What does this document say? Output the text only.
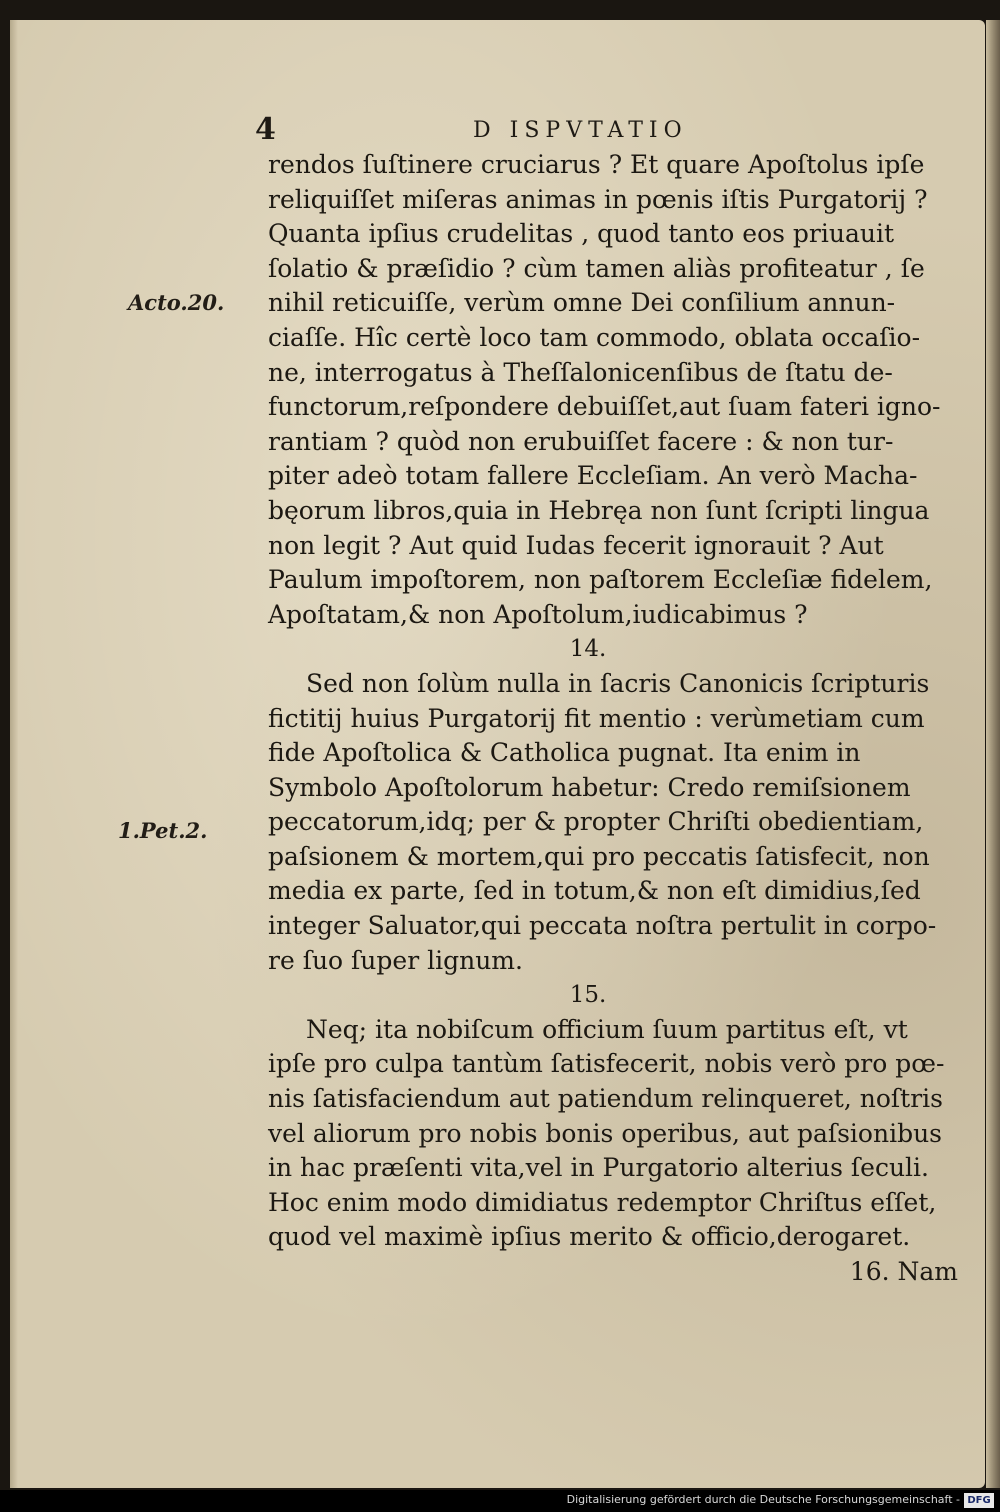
4	D ISPVTATIO
Acto.20.
1.Pet.2.
rendos ſuſtinere cruciarus ? Et quare Apoſtolus ipſe
reliquiſſet miſeras animas in pœnis iſtis Purgatorij ?
Quanta ipſius crudelitas , quod tanto eos priuauit
ſolatio & præſidio ? cùm tamen aliàs profiteatur , ſe
nihil reticuiſſe, verùm omne Dei conſilium annun-
ciaſſe. Hîc certè loco tam commodo, oblata occaſio-
ne, interrogatus à Theſſalonicenſibus de ſtatu de-
functorum,reſpondere debuiſſet,aut ſuam fateri igno-
rantiam ? quòd non erubuiſſet facere : & non tur-
piter adeò totam fallere Eccleſiam. An verò Macha-
bęorum libros,quia in Hebręa non ſunt ſcripti lingua
non legit ? Aut quid Iudas fecerit ignorauit ? Aut
Paulum impoſtorem, non paſtorem Eccleſiæ fidelem,
Apoſtatam,& non Apoſtolum,iudicabimus ?
14.
Sed non ſolùm nulla in ſacris Canonicis ſcripturis
fictitij huius Purgatorij fit mentio : verùmetiam cum
fide Apoſtolica & Catholica pugnat. Ita enim in
Symbolo Apoſtolorum habetur: Credo remiſsionem
peccatorum,idq; per & propter Chriſti obedientiam,
paſsionem & mortem,qui pro peccatis ſatisfecit, non
media ex parte, ſed in totum,& non eſt dimidius,ſed
integer Saluator,qui peccata noſtra pertulit in corpo-
re ſuo ſuper lignum.
15.
Neq; ita nobiſcum officium ſuum partitus eſt, vt
ipſe pro culpa tantùm ſatisfecerit, nobis verò pro pœ-
nis ſatisfaciendum aut patiendum relinqueret, noſtris
vel aliorum pro nobis bonis operibus, aut paſsionibus
in hac præſenti vita,vel in Purgatorio alterius ſeculi.
Hoc enim modo dimidiatus redemptor Chriſtus eſſet,
quod vel maximè ipſius merito & officio,derogaret.
16. Nam
Digitalisierung gefördert durch die Deutsche Forschungsgemeinschaft - DFG
